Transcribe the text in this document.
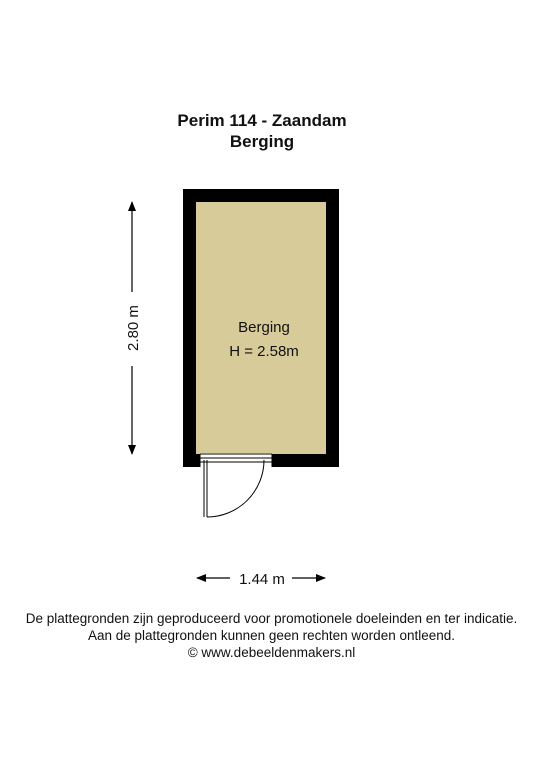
Perim 114 - Zaandam
Berging
Berging
H = 2.58m
2.80 m
1.44 m
De plattegronden zijn geproduceerd voor promotionele doeleinden en ter indicatie.
Aan de plattegronden kunnen geen rechten worden ontleend.
© www.debeeldenmakers.nl
